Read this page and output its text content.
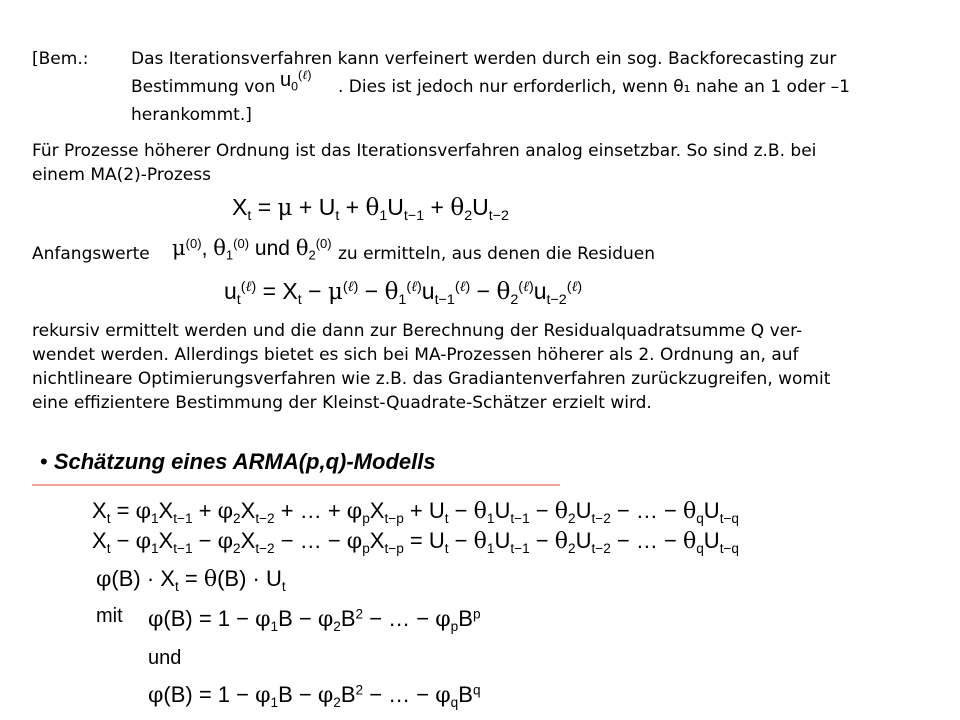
[Bem.:	Das Iterationsverfahren kann verfeinert werden durch ein sog. Backforecasting zur
Bestimmung von $u_0^{(\ell)}$
. Dies ist jedoch nur erforderlich, wenn θ₁ nahe an 1 oder –1
herankommt.]
Für Prozesse höherer Ordnung ist das Iterationsverfahren analog einsetzbar. So sind z.B. bei
einem MA(2)-Prozess
$X_t = \mu + U_t + \theta_1U_{t-1} + \theta_2U_{t-2}$
Anfangswerte $\mu^{(0)}$, $\theta_1^{(0)}$ und $\theta_2^{(0)}$
zu ermitteln, aus denen die Residuen
$u_t^{(\ell)} = X_t - \mu^{(\ell)} - \theta_1^{(\ell)}u_{t-1}^{(\ell)} - \theta_2^{(\ell)}u_{t-2}^{(\ell)}$
rekursiv ermittelt werden und die dann zur Berechnung der Residualquadratsumme Q ver-
wendet werden. Allerdings bietet es sich bei MA-Prozessen höherer als 2. Ordnung an, auf
nichtlineare Optimierungsverfahren wie z.B. das Gradiantenverfahren zurückzugreifen, womit
eine effizientere Bestimmung der Kleinst-Quadrate-Schätzer erzielt wird.
• Schätzung eines ARMA(p,q)-Modells
$X_t = \varphi_1X_{t-1} + \varphi_2X_{t-2}$ + … + $\varphi_pX_{t-p} + U_t - \theta_1U_{t-1} - \theta_2U_{t-2}$ − … − $\theta_qU_{t-q}$
$X_t - \varphi_1X_{t-1} - \varphi_2X_{t-2}$ − … − $\varphi_pX_{t-p} = U_t - \theta_1U_{t-1} - \theta_2U_{t-2}$ − … − $\theta_qU_{t-q}$
$\varphi(B) \cdot X_t = \theta(B) \cdot U_t$
mit $\varphi(B) = 1 - \varphi_1B - \varphi_2B^2$ − … − $\varphi_pB^p$
und
$\varphi(B) = 1 - \varphi_1B - \varphi_2B^2$ − … − $\varphi_qB^q$
